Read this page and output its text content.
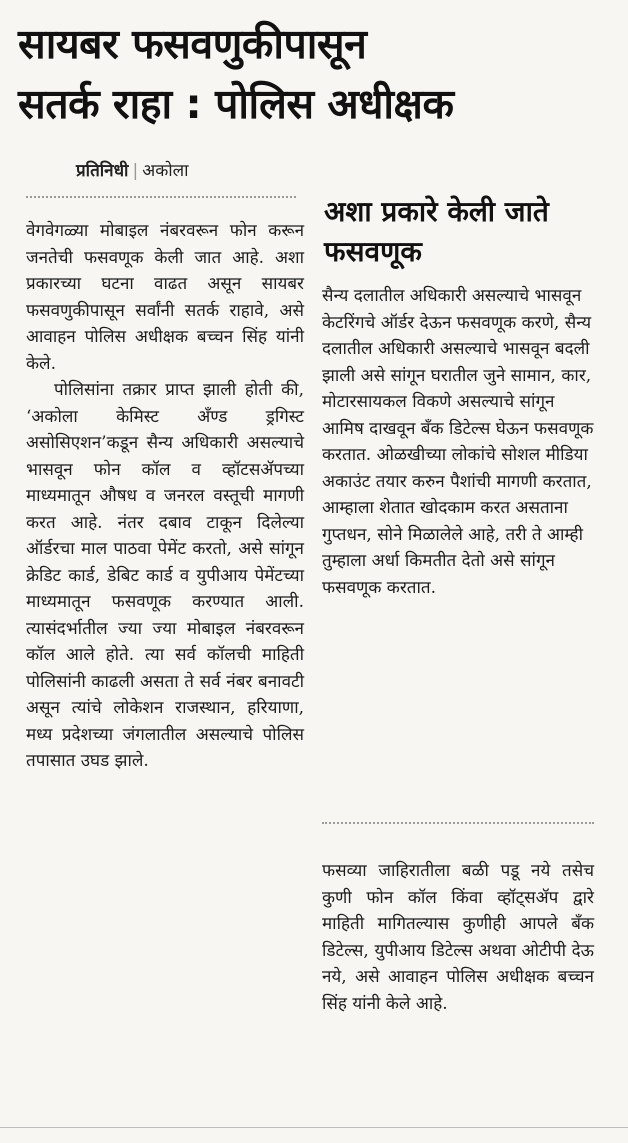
सायबर फसवणुकीपासून
सतर्क राहा : पोलिस अधीक्षक
प्रतिनिधी | अकोला

वेगवेगळ्या मोबाइल नंबरवरून फोन करून जनतेची फसवणूक केली जात आहे. अशा प्रकारच्या घटना वाढत असून सायबर फसवणुकीपासून सर्वांनी सतर्क राहावे, असे आवाहन पोलिस अधीक्षक बच्चन सिंह यांनी केले.

पोलिसांना तक्रार प्राप्त झाली होती की, ‘अकोला केमिस्ट अँण्ड ड्रगिस्ट असोसिएशन’कडून सैन्य अधिकारी असल्याचे भासवून फोन कॉल व व्हॉटसॲपच्या माध्यमातून औषध व जनरल वस्तूची मागणी करत आहे. नंतर दबाव टाकून दिलेल्या ऑर्डरचा माल पाठवा पेमेंट करतो, असे सांगून क्रेडिट कार्ड, डेबिट कार्ड व युपीआय पेमेंटच्या माध्यमातून फसवणूक करण्यात आली. त्यासंदर्भातील ज्या ज्या मोबाइल नंबरवरून कॉल आले होते. त्या सर्व कॉलची माहिती पोलिसांनी काढली असता ते सर्व नंबर बनावटी असून त्यांचे लोकेशन राजस्थान, हरियाणा, मध्य प्रदेशच्या जंगलातील असल्याचे पोलिस तपासात उघड झाले.

अशा प्रकारे केली जाते फसवणूक
सैन्य दलातील अधिकारी असल्याचे भासवून केटरिंगचे ऑर्डर देऊन फसवणूक करणे, सैन्य दलातील अधिकारी असल्याचे भासवून बदली झाली असे सांगून घरातील जुने सामान, कार, मोटारसायकल विकणे असल्याचे सांगून आमिष दाखवून बँक डिटेल्स घेऊन फसवणूक करतात. ओळखीच्या लोकांचे सोशल मीडिया अकाउंट तयार करुन पैशांची मागणी करतात, आम्हाला शेतात खोदकाम करत असताना गुप्तधन, सोने मिळालेले आहे, तरी ते आम्ही तुम्हाला अर्धा किमतीत देतो असे सांगून फसवणूक करतात.
फसव्या जाहिरातीला बळी पडू नये तसेच कुणी फोन कॉल किंवा व्हॉट्सॲप द्वारे माहिती मागितल्यास कुणीही आपले बँक डिटेल्स, युपीआय डिटेल्स अथवा ओटीपी देऊ नये, असे आवाहन पोलिस अधीक्षक बच्चन सिंह यांनी केले आहे.
